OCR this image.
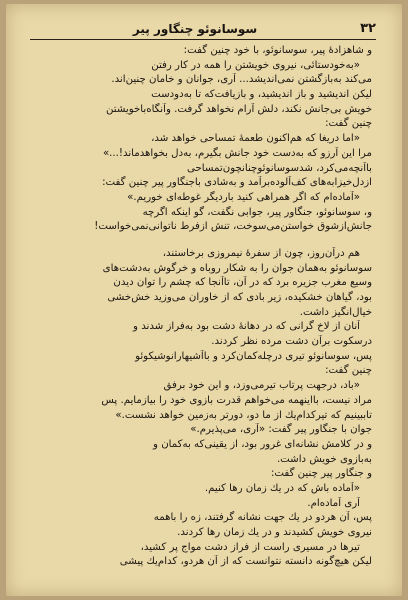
۳۲
سوسانوئو چنگاور پیر
و شاهزادهٔ پیر، سوسانوئو، با خود چنین گفت:
«به‌خودستائی، نیروی خویشتن را همه در کار رفتن
می‌کند به‌بازگشتن نمی‌اندیشد... آری، جوانان و خامان چنین‌اند.
لیکن اندیشید و باز اندیشید، و بازیافت‌که تا به‌دودست
خویش بی‌جانش نکند، دلش آرام نخواهد گرفت. وآنگاه‌باخویشتن
چنین گفت:
«اما دریغا که هم‌اکنون طعمهٔ تمساحی خواهد شد،
مرا این آرزو که به‌دست خود جانش بگیرم، به‌دل بخواهدماند!...»
باآنچه‌می‌کرد، شدسوسانوئوچنانچون‌تمساحی
ازدل‌خیزابه‌های کف‌آلوده‌برآمد و به‌شادی با‌جنگاور پیر چنین گفت:
«آماده‌ام که اگر همراهی کنید باردیگر غوطه‌ای خوریم.»
و، سوسانوئو، جنگاور پیر، جوابی نگفت، گو اینکه اگرچه
جانش‌ازشوق خواستن‌می‌سوخت، تنش ازفرط ناتوانی‌نمی‌خواست!
هم درآن‌روز، چون از سفرهٔ نیمروزی برخاستند،
سوسانوئو به‌همان جوان را به شکار روباه و خرگوش به‌دشت‌های
وسیع مغرب جزیره برد که در آن، تاآنجا که چشم را توان دیدن
بود، گیاهان خشکیده، زیر بادی که از خاوران می‌وزید خش‌خشی
خیال‌انگیز داشت.
آنان از لاخ گرانی که در دهانهٔ دشت بود به‌فراز شدند و
درسکوت برآن دشت مرده نظر کردند.
پس، سوسانوئو تیری درچله‌کمان‌کرد و باآشیهارانوشیکوئو
چنین گفت:
«باد، درجهت پرتاب تیرمی‌وزد، و این خود برفق
مراد نیست، بااینهمه می‌خواهم قدرت بازوی خود را بیازمایم. پس
تاببینیم که تیرکدام‌یك از ما دو، دورتر به‌زمین خواهد نشست.»
جوان با جنگاور پیر گفت: «آری، می‌پذیرم.»
و در کلامش نشانه‌ای غرور بود، از یقینی‌که به‌کمان و
به‌بازوی خویش داشت.
و جنگاور پیر چنین گفت:
«آماده باش که در یك زمان رها کنیم.
آری آماده‌ام.
پس، آن هردو در یك جهت نشانه گرفتند، زه را باهمه
نیروی خویش کشیدند و در یك زمان رها کردند.
تیرها در مسیری راست از فراز دشت مواج پر کشید،
لیکن هیچ‌گونه دانسته نتوانست که از آن هردو، کدام‌یك پیشی
